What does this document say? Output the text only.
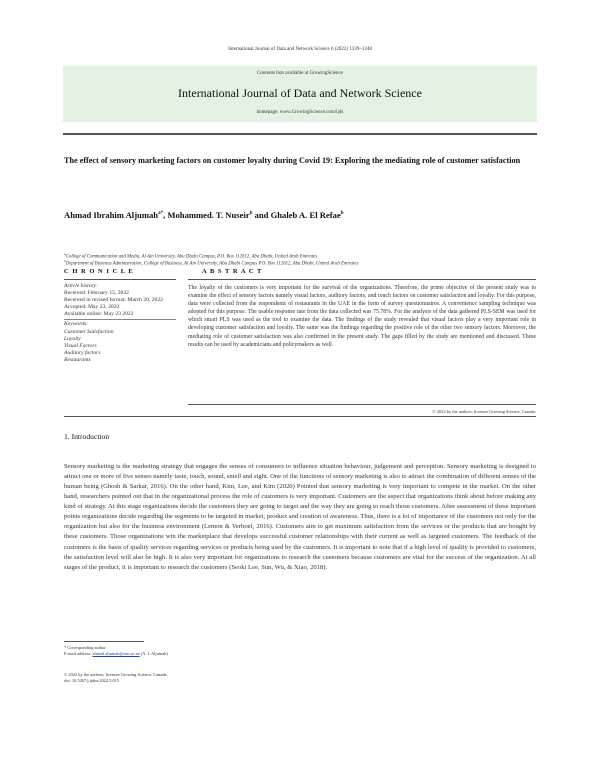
International Journal of Data and Network Science 6 (2022) 1339–1348
Contents lists available at GrowingScience
International Journal of Data and Network Science
homepage: www.GrowingScience.com/ijds
The effect of sensory marketing factors on customer loyalty during Covid 19: Exploring the mediating role of customer satisfaction
Ahmad Ibrahim Aljumah$^{a*}$, Mohammed. T. Nuseir$^b$ and Ghaleb A. El Refae$^b$
$^a$College of Communication and Media, Al Ain University, Abu Dhabi Campus, P.O. Box 112612, Abu Dhabi, United Arab Emirates
$^b$Department of Business Administration, College of Business, Al Ain University, Abu Dhabi Campus P.O. Box 112612, Abu Dhabi, United Arab Emirates
C H R O N I C L E	A B S T R A C T
Article history:
Received: February 15, 2022
Received in revised format: March 20, 2022
Accepted: May 23, 2022
Available online: May 23 2022
Keywords:
Customer Satisfaction
Loyalty
Visual Factors
Auditory factors
Restaurants
The loyalty of the customers is very important for the survival of the organizations. Therefore, the prime objective of the present study was to examine the effect of sensory factors namely visual factors, auditory factors, and touch factors on customer satisfaction and loyalty. For this purpose, data were collected from the respondents of restaurants in the UAE in the form of survey questionnaires. A convenience sampling technique was adopted for this purpose. The usable response rate from the data collected was 75.78%. For the analysis of the data gathered PLS-SEM was used for which smart PLS was used as the tool to examine the data. The findings of the study revealed that visual factors play a very important role in developing customer satisfaction and loyalty. The same was the findings regarding the positive role of the other two sensory factors. Moreover, the mediating role of customer satisfaction was also confirmed in the present study. The gaps filled by the study are mentioned and discussed. These results can be used by academicians and policymakers as well.
© 2022 by the authors; licensee Growing Science, Canada.
1. Introduction
Sensory marketing is the marketing strategy that engages the senses of consumers to influence situation behaviour, judgement and perception. Sensory marketing is designed to attract one or more of five senses namely taste, touch, sound, smell and sight. One of the functions of sensory marketing is also to attract the combination of different senses of the human being (Ghosh & Sarkar, 2016). On the other hand, Kim, Lee, and Kim (2020) Pointed that sensory marketing is very important to compete in the market. On the other hand, researchers pointed out that in the organizational process the role of customers is very important. Customers are the aspect that organizations think about before making any kind of strategy. At this stage organizations decide the customers they are going to target and the way they are going to reach those customers. After assessment of these important points organizations decide regarding the segments to be targeted in market, product and creation of awareness. Thus, there is a lot of importance of the customers not only for the organization but also for the business environment (Lemon & Verhoef, 2016). Customers aim to get maximum satisfaction from the services or the products that are bought by these customers. Those organizations win the marketplace that develops successful customer relationships with their current as well as targeted customers. The feedback of the customers is the basis of quality services regarding services or products being used by the customers. It is important to note that if a high level of quality is provided to customers, the satisfaction level will also be high. It is also very important for organizations to research the customers because customers are vital for the success of the organization. At all stages of the product, it is important to research the customers (Seoki Lee, Sun, Wu, & Xiao, 2018).
* Corresponding author.
E-mail address: ahmad.aljumah@aau.ac.ae (A. I. Aljumah)
© 2022 by the authors; licensee Growing Science, Canada.
doi: 10.5267/j.ijdns.2022.5.015
